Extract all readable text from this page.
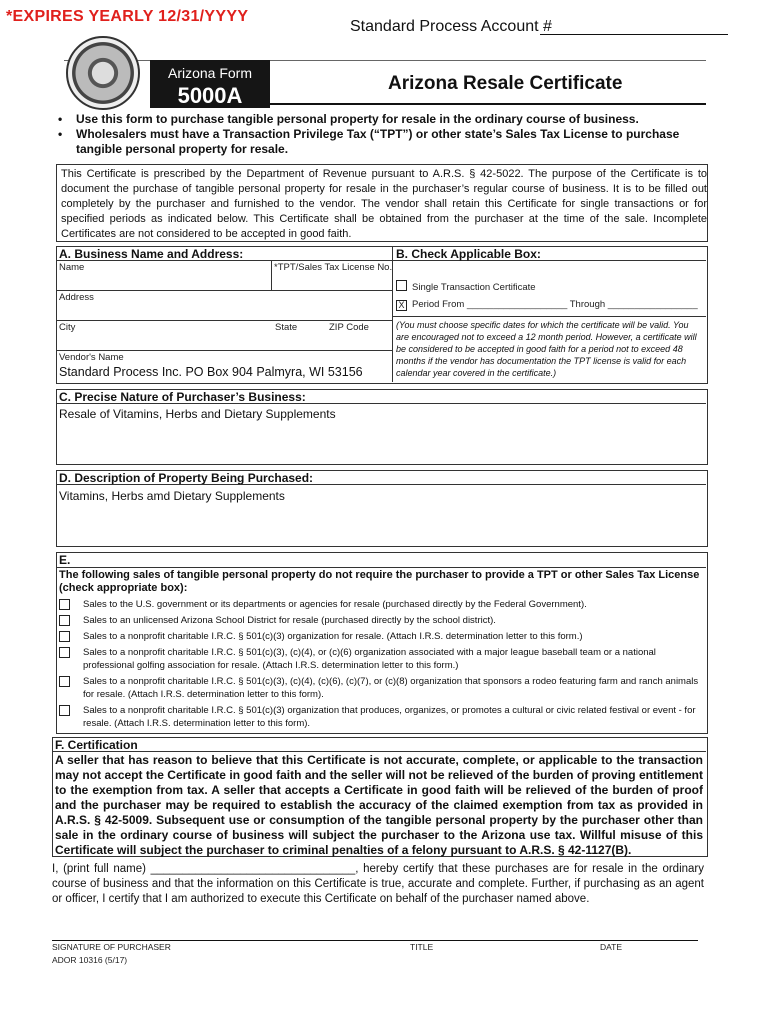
*EXPIRES YEARLY 12/31/YYYY
Standard Process Account #
Arizona Form
5000A	Arizona Resale Certificate
• Use this form to purchase tangible personal property for resale in the ordinary course of business.
• Wholesalers must have a Transaction Privilege Tax (“TPT”) or other state’s Sales Tax License to purchase tangible personal property for resale.
This Certificate is prescribed by the Department of Revenue pursuant to A.R.S. § 42-5022. The purpose of the Certificate is to document the purchase of tangible personal property for resale in the purchaser’s regular course of business. It is to be filled out completely by the purchaser and furnished to the vendor. The vendor shall retain this Certificate for single transactions or for specified periods as indicated below. This Certificate shall be obtained from the purchaser at the time of the sale. Incomplete Certificates are not considered to be accepted in good faith.
A. Business Name and Address:	B. Check Applicable Box:
Name	*TPT/Sales Tax License No.
Address
City	State	ZIP Code
Vendor's Name
Standard Process Inc. PO Box 904 Palmyra, WI 53156
Single Transaction Certificate
X Period From ___________________ Through _________________
(You must choose specific dates for which the certificate will be valid. You are encouraged not to exceed a 12 month period. However, a certificate will be considered to be accepted in good faith for a period not to exceed 48 months if the vendor has documentation the TPT license is valid for each calendar year covered in the certificate.)
C. Precise Nature of Purchaser’s Business:
Resale of Vitamins, Herbs and Dietary Supplements
D. Description of Property Being Purchased:
Vitamins, Herbs amd Dietary Supplements
E.
The following sales of tangible personal property do not require the purchaser to provide a TPT or other Sales Tax License (check appropriate box):
Sales to the U.S. government or its departments or agencies for resale (purchased directly by the Federal Government).
Sales to an unlicensed Arizona School District for resale (purchased directly by the school district).
Sales to a nonprofit charitable I.R.C. § 501(c)(3) organization for resale. (Attach I.R.S. determination letter to this form.)
Sales to a nonprofit charitable I.R.C. § 501(c)(3), (c)(4), or (c)(6) organization associated with a major league baseball team or a national professional golfing association for resale. (Attach I.R.S. determination letter to this form.)
Sales to a nonprofit charitable I.R.C. § 501(c)(3), (c)(4), (c)(6), (c)(7), or (c)(8) organization that sponsors a rodeo featuring farm and ranch animals for resale. (Attach I.R.S. determination letter to this form).
Sales to a nonprofit charitable I.R.C. § 501(c)(3) organization that produces, organizes, or promotes a cultural or civic related festival or event - for resale. (Attach I.R.S. determination letter to this form).
F. Certification
A seller that has reason to believe that this Certificate is not accurate, complete, or applicable to the transaction may not accept the Certificate in good faith and the seller will not be relieved of the burden of proving entitlement to the exemption from tax. A seller that accepts a Certificate in good faith will be relieved of the burden of proof and the purchaser may be required to establish the accuracy of the claimed exemption from tax as provided in A.R.S. § 42-5009. Subsequent use or consumption of the tangible personal property by the purchaser other than sale in the ordinary course of business will subject the purchaser to the Arizona use tax. Willful misuse of this Certificate will subject the purchaser to criminal penalties of a felony pursuant to A.R.S. § 42-1127(B).
I, (print full name) ________________________________, hereby certify that these purchases are for resale in the ordinary course of business and that the information on this Certificate is true, accurate and complete. Further, if purchasing as an agent or officer, I certify that I am authorized to execute this Certificate on behalf of the purchaser named above.
SIGNATURE OF PURCHASER	TITLE	DATE
ADOR 10316 (5/17)
